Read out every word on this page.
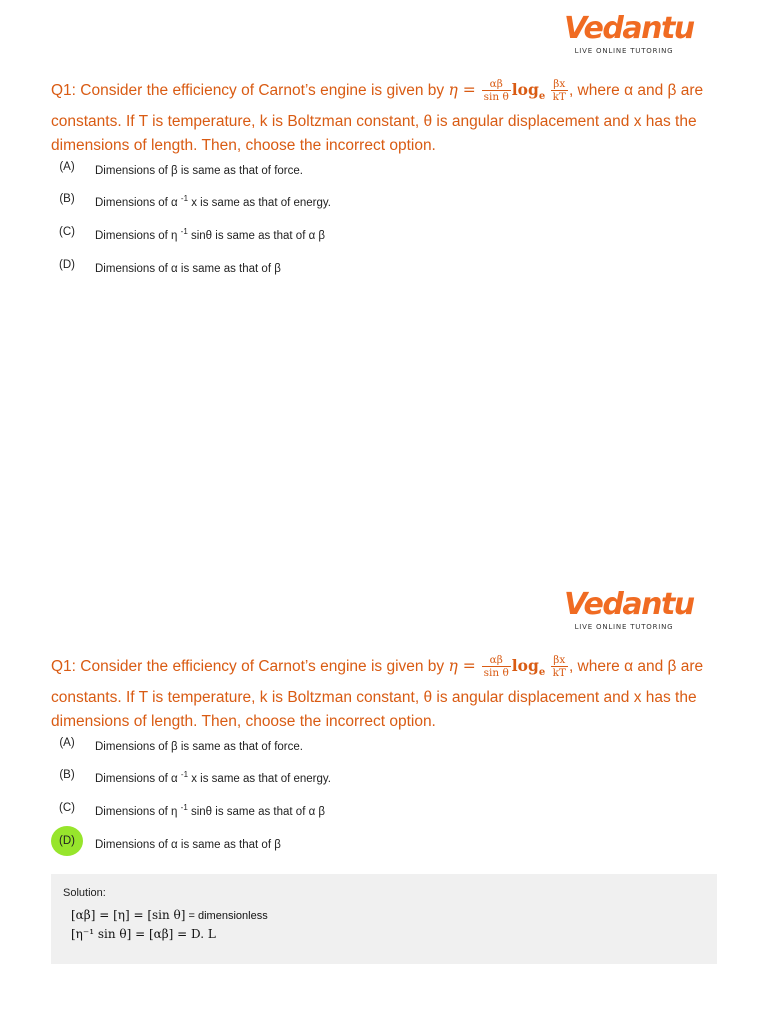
Vedantu
LIVE ONLINE TUTORING
Q1: Consider the efficiency of Carnot’s engine is given by $\eta = \frac{\alpha\beta}{\text{sin θ}} \log_e \frac{\beta x}{kT}$ , where α and β are constants. If T is temperature, k is Boltzman constant, θ is angular displacement and x has the dimensions of length. Then, choose the incorrect option.
(A)	Dimensions of β is same as that of force.
(B)	Dimensions of α $^{-1}$ x is same as that of energy.
(C)	Dimensions of η $^{-1}$ sinθ is same as that of α β
(D)	Dimensions of α is same as that of β
Vedantu
LIVE ONLINE TUTORING
Q1: Consider the efficiency of Carnot’s engine is given by $\eta = \frac{\alpha\beta}{\text{sin θ}} \log_e \frac{\beta x}{kT}$ , where α and β are constants. If T is temperature, k is Boltzman constant, θ is angular displacement and x has the dimensions of length. Then, choose the incorrect option.
(A)	Dimensions of β is same as that of force.
(B)	Dimensions of α $^{-1}$ x is same as that of energy.
(C)	Dimensions of η $^{-1}$ sinθ is same as that of α β
(D)	Dimensions of α is same as that of β
Solution:
[αβ] = [η] = [sin θ] = dimensionless
[η⁻¹ sin θ] = [αβ] = D. L
